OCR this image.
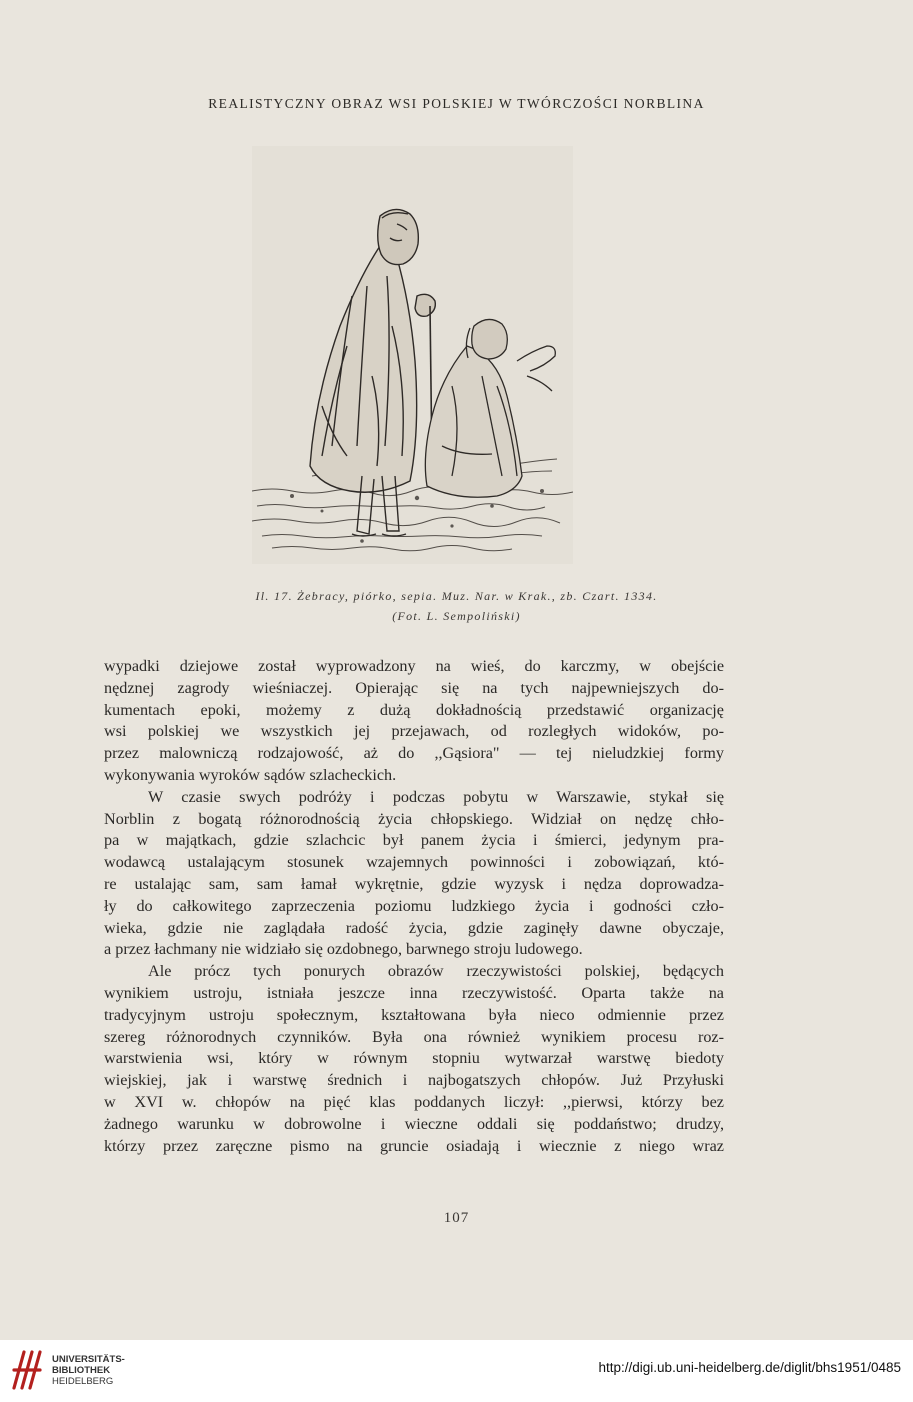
REALISTYCZNY OBRAZ WSI POLSKIEJ W TWÓRCZOŚCI NORBLINA
Il. 17. Żebracy, piórko, sepia. Muz. Nar. w Krak., zb. Czart. 1334.
(Fot. L. Sempoliński)
wypadki dziejowe został wyprowadzony na wieś, do karczmy, w obejście
nędznej zagrody wieśniaczej. Opierając się na tych najpewniejszych do-
kumentach epoki, możemy z dużą dokładnością przedstawić organizację
wsi polskiej we wszystkich jej przejawach, od rozległych widoków, po-
przez malowniczą rodzajowość, aż do ,,Gąsiora" — tej nieludzkiej formy
wykonywania wyroków sądów szlacheckich.
W czasie swych podróży i podczas pobytu w Warszawie, stykał się
Norblin z bogatą różnorodnością życia chłopskiego. Widział on nędzę chło-
pa w majątkach, gdzie szlachcic był panem życia i śmierci, jedynym pra-
wodawcą ustalającym stosunek wzajemnych powinności i zobowiązań, któ-
re ustalając sam, sam łamał wykrętnie, gdzie wyzysk i nędza doprowadza-
ły do całkowitego zaprzeczenia poziomu ludzkiego życia i godności czło-
wieka, gdzie nie zaglądała radość życia, gdzie zaginęły dawne obyczaje,
a przez łachmany nie widziało się ozdobnego, barwnego stroju ludowego.
Ale prócz tych ponurych obrazów rzeczywistości polskiej, będących
wynikiem ustroju, istniała jeszcze inna rzeczywistość. Oparta także na
tradycyjnym ustroju społecznym, kształtowana była nieco odmiennie przez
szereg różnorodnych czynników. Była ona również wynikiem procesu roz-
warstwienia wsi, który w równym stopniu wytwarzał warstwę biedoty
wiejskiej, jak i warstwę średnich i najbogatszych chłopów. Już Przyłuski
w XVI w. chłopów na pięć klas poddanych liczył: ,,pierwsi, którzy bez
żadnego warunku w dobrowolne i wieczne oddali się poddaństwo; drudzy,
którzy przez zaręczne pismo na gruncie osiadają i wiecznie z niego wraz
107
UNIVERSITÄTS-
BIBLIOTHEK
HEIDELBERG
http://digi.ub.uni-heidelberg.de/diglit/bhs1951/0485
